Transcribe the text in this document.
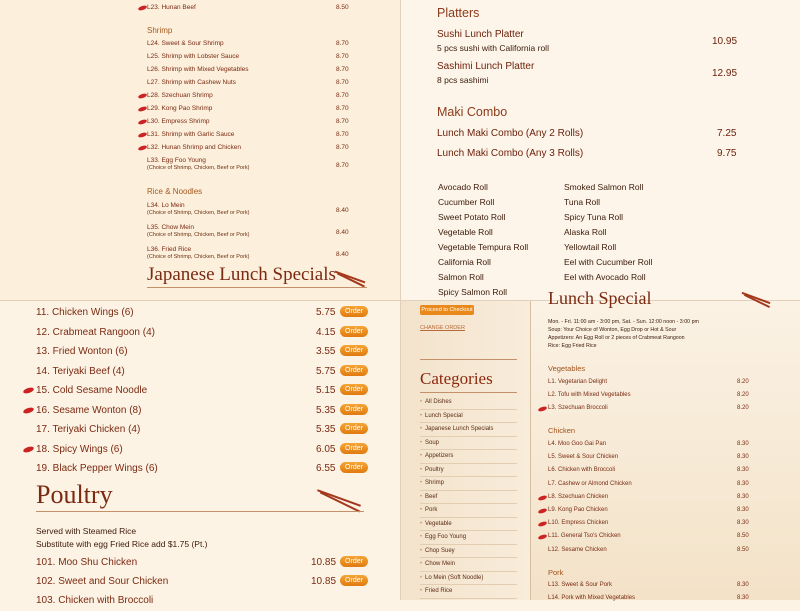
L23. Hunan Beef	8.50
Shrimp
L24. Sweet & Sour Shrimp	8.70
L25. Shrimp with Lobster Sauce	8.70
L26. Shrimp with Mixed Vegetables	8.70
L27. Shrimp with Cashew Nuts	8.70
L28. Szechuan Shrimp	8.70
L29. Kong Pao Shrimp	8.70
L30. Empress Shrimp	8.70
L31. Shrimp with Garlic Sauce	8.70
L32. Hunan Shrimp and Chicken	8.70
L33. Egg Foo Young
(Choice of Shrimp, Chicken, Beef or Pork)	8.70
Rice & Noodles
L34. Lo Mein
(Choice of Shrimp, Chicken, Beef or Pork)	8.40
L35. Chow Mein
(Choice of Shrimp, Chicken, Beef or Pork)	8.40
L36. Fried Rice
(Choice of Shrimp, Chicken, Beef or Pork)	8.40
Japanese Lunch Specials
Platters
Sushi Lunch Platter
5 pcs sushi with California roll
10.95
Sashimi Lunch Platter
8 pcs sashimi
12.95
Maki Combo
Lunch Maki Combo (Any 2 Rolls)	7.25
Lunch Maki Combo (Any 3 Rolls)	9.75
Avocado Roll
Cucumber Roll
Sweet Potato Roll
Vegetable Roll
Vegetable Tempura Roll
California Roll
Salmon Roll
Spicy Salmon Roll
Smoked Salmon Roll
Tuna Roll
Spicy Tuna Roll
Alaska Roll
Yellowtail Roll
Eel with Cucumber Roll
Eel with Avocado Roll
11. Chicken Wings (6)	5.75	Order
12. Crabmeat Rangoon (4)	4.15	Order
13. Fried Wonton (6)	3.55	Order
14. Teriyaki Beef (4)	5.75	Order
15. Cold Sesame Noodle	5.15	Order
16. Sesame Wonton (8)	5.35	Order
17. Teriyaki Chicken (4)	5.35	Order
18. Spicy Wings (6)	6.05	Order
19. Black Pepper Wings (6)	6.55	Order
Poultry
Served with Steamed Rice
Substitute with egg Fried Rice add $1.75 (Pt.)
101. Moo Shu Chicken	10.85	Order
102. Sweet and Sour Chicken	10.85	Order
103. Chicken with Broccoli
Proceed to Checkout
CHANGE ORDER
Categories
• All Dishes
• Lunch Special
• Japanese Lunch Specials
• Soup
• Appetizers
• Poultry
• Shrimp
• Beef
• Pork
• Vegetable
• Egg Foo Young
• Chop Suey
• Chow Mein
• Lo Mein (Soft Noodle)
• Fried Rice
Lunch Special
Mon. - Fri. 11:00 am - 3:00 pm, Sat. - Sun. 12:00 noon - 3:00 pm
Soup: Your Choice of Wonton, Egg Drop or Hot & Sour
Appetizers: An Egg Roll or 2 pieces of Crabmeat Rangoon
Rice: Egg Fried Rice
Vegetables
Chicken
Pork
L1. Vegetarian Delight	8.20
L2. Tofu with Mixed Vegetables	8.20
L3. Szechuan Broccoli	8.20
L4. Moo Goo Gai Pan	8.30
L5. Sweet & Sour Chicken	8.30
L6. Chicken with Broccoli	8.30
L7. Cashew or Almond Chicken	8.30
L8. Szechuan Chicken	8.30
L9. Kong Pao Chicken	8.30
L10. Empress Chicken	8.30
L11. General Tso's Chicken	8.50
L12. Sesame Chicken	8.50
L13. Sweet & Sour Pork	8.30
L14. Pork with Mixed Vegetables	8.30
